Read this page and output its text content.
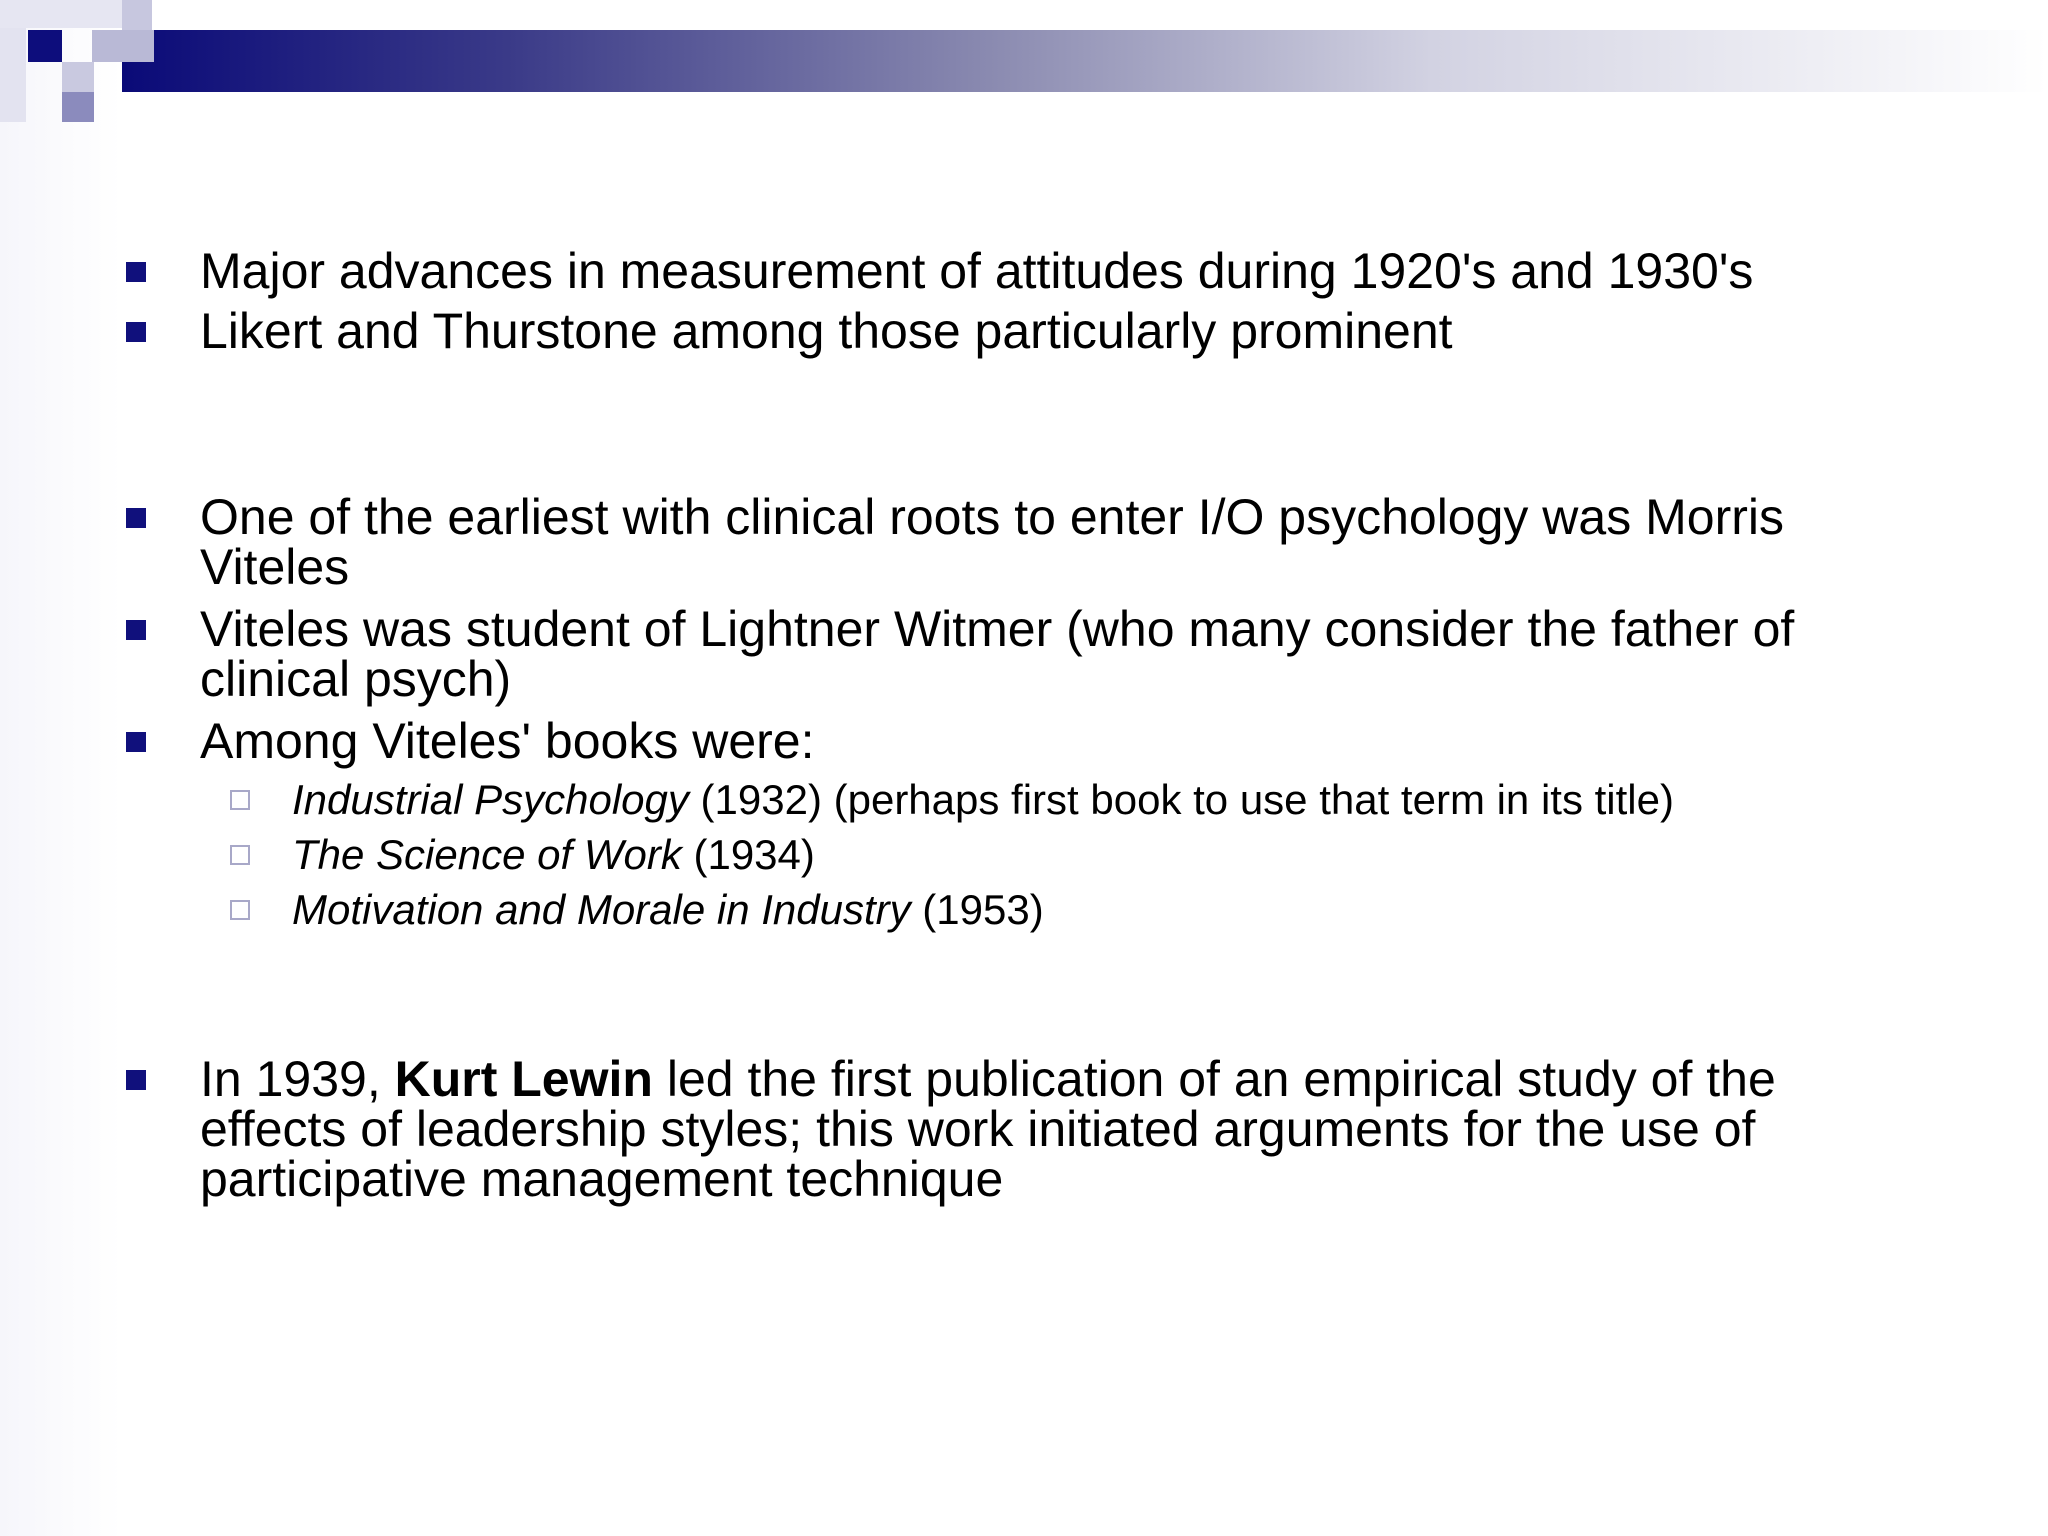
Major advances in measurement of attitudes during 1920's and 1930's
Likert and Thurstone among those particularly prominent
One of the earliest with clinical roots to enter I/O psychology was Morris
Viteles
Viteles was student of Lightner Witmer (who many consider the father of
clinical psych)
Among Viteles' books were:
Industrial Psychology (1932) (perhaps first book to use that term in its title)
The Science of Work (1934)
Motivation and Morale in Industry (1953)
In 1939, Kurt Lewin led the first publication of an empirical study of the
effects of leadership styles; this work initiated arguments for the use of
participative management technique
